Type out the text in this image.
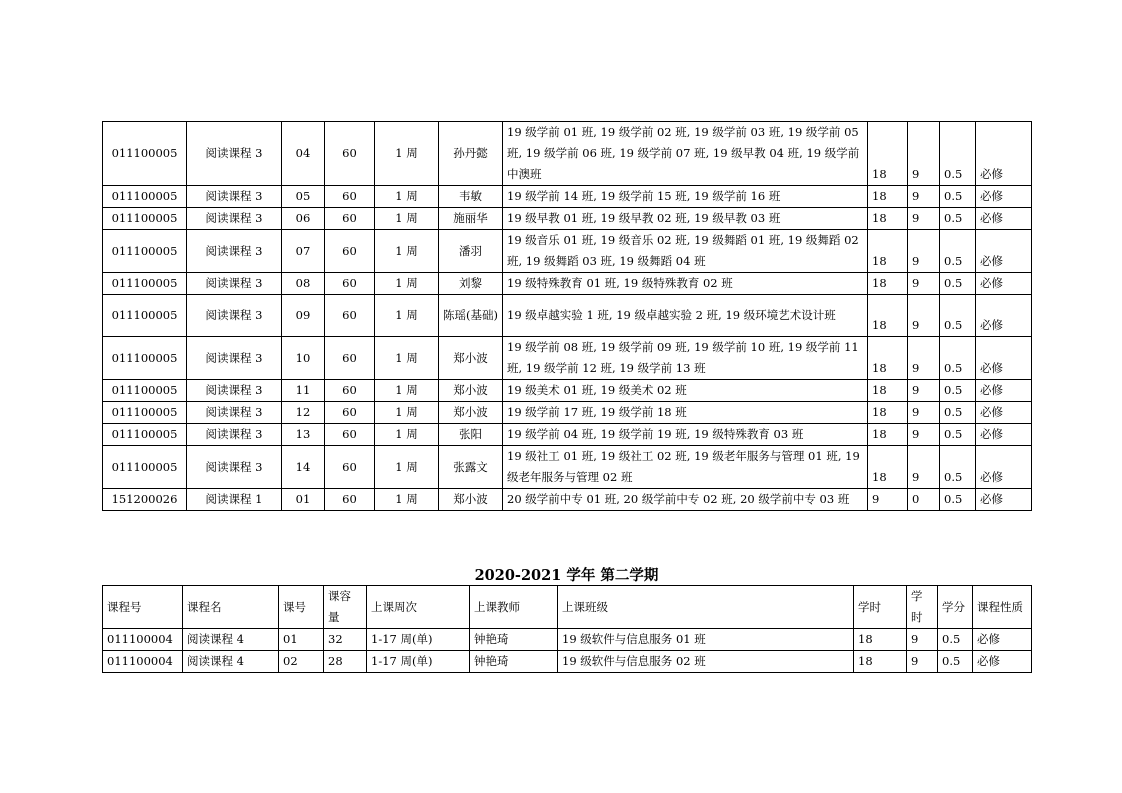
011100005	阅读课程 3	04	60	1 周	孙丹懿	19 级学前 01 班, 19 级学前 02 班, 19 级学前 03 班, 19 级学前 05 班, 19 级学前 06 班, 19 级学前 07 班, 19 级早教 04 班, 19 级学前中澳班	18	9	0.5	必修
011100005	阅读课程 3	05	60	1 周	韦敏	19 级学前 14 班, 19 级学前 15 班, 19 级学前 16 班	18	9	0.5	必修
011100005	阅读课程 3	06	60	1 周	施丽华	19 级早教 01 班, 19 级早教 02 班, 19 级早教 03 班	18	9	0.5	必修
011100005	阅读课程 3	07	60	1 周	潘羽	19 级音乐 01 班, 19 级音乐 02 班, 19 级舞蹈 01 班, 19 级舞蹈 02 班, 19 级舞蹈 03 班, 19 级舞蹈 04 班	18	9	0.5	必修
011100005	阅读课程 3	08	60	1 周	刘黎	19 级特殊教育 01 班, 19 级特殊教育 02 班	18	9	0.5	必修
011100005	阅读课程 3	09	60	1 周	陈瑶(基础)	19 级卓越实验 1 班, 19 级卓越实验 2 班, 19 级环境艺术设计班	18	9	0.5	必修
011100005	阅读课程 3	10	60	1 周	郑小波	19 级学前 08 班, 19 级学前 09 班, 19 级学前 10 班, 19 级学前 11 班, 19 级学前 12 班, 19 级学前 13 班	18	9	0.5	必修
011100005	阅读课程 3	11	60	1 周	郑小波	19 级美术 01 班, 19 级美术 02 班	18	9	0.5	必修
011100005	阅读课程 3	12	60	1 周	郑小波	19 级学前 17 班, 19 级学前 18 班	18	9	0.5	必修
011100005	阅读课程 3	13	60	1 周	张阳	19 级学前 04 班, 19 级学前 19 班, 19 级特殊教育 03 班	18	9	0.5	必修
011100005	阅读课程 3	14	60	1 周	张露文	19 级社工 01 班, 19 级社工 02 班, 19 级老年服务与管理 01 班, 19 级老年服务与管理 02 班	18	9	0.5	必修
151200026	阅读课程 1	01	60	1 周	郑小波	20 级学前中专 01 班, 20 级学前中专 02 班, 20 级学前中专 03 班	9	0	0.5	必修
2020-2021 学年 第二学期
课程号	课程名	课号	课容量	上课周次	上课教师	上课班级	学时	学时	学分	课程性质
011100004	阅读课程 4	01	32	1-17 周(单)	钟艳琦	19 级软件与信息服务 01 班	18	9	0.5	必修
011100004	阅读课程 4	02	28	1-17 周(单)	钟艳琦	19 级软件与信息服务 02 班	18	9	0.5	必修
